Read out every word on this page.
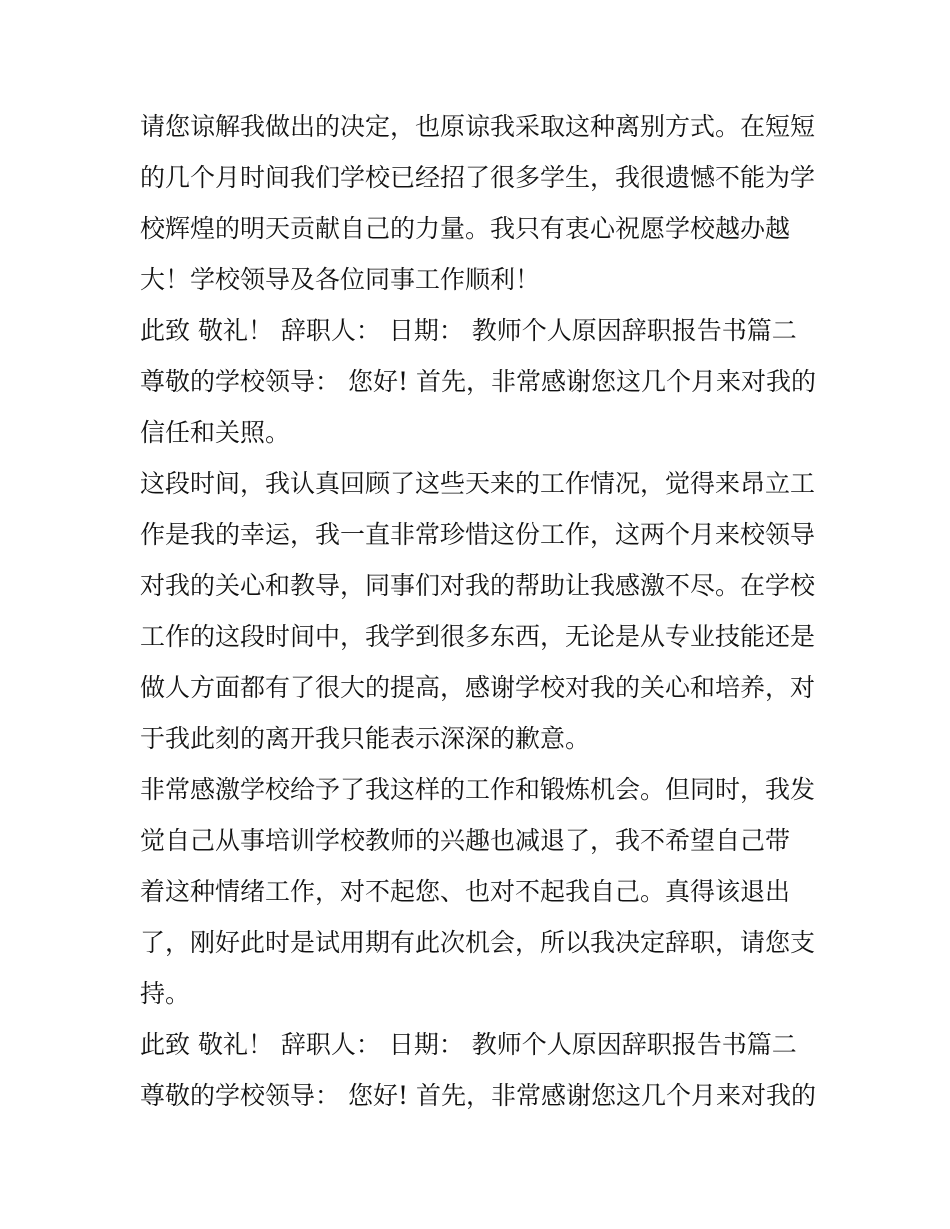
请您谅解我做出的决定，也原谅我采取这种离别方式。在短短
的几个月时间我们学校已经招了很多学生，我很遗憾不能为学
校辉煌的明天贡献自己的力量。我只有衷心祝愿学校越办越
大！学校领导及各位同事工作顺利！
此致 敬礼！ 辞职人： 日期： 教师个人原因辞职报告书篇二
尊敬的学校领导： 您好! 首先，非常感谢您这几个月来对我的
信任和关照。
这段时间，我认真回顾了这些天来的工作情况，觉得来昂立工
作是我的幸运，我一直非常珍惜这份工作，这两个月来校领导
对我的关心和教导，同事们对我的帮助让我感激不尽。在学校
工作的这段时间中，我学到很多东西，无论是从专业技能还是
做人方面都有了很大的提高，感谢学校对我的关心和培养，对
于我此刻的离开我只能表示深深的歉意。
非常感激学校给予了我这样的工作和锻炼机会。但同时，我发
觉自己从事培训学校教师的兴趣也减退了，我不希望自己带
着这种情绪工作，对不起您、也对不起我自己。真得该退出
了，刚好此时是试用期有此次机会，所以我决定辞职，请您支
持。
此致 敬礼！ 辞职人： 日期： 教师个人原因辞职报告书篇二
尊敬的学校领导： 您好! 首先，非常感谢您这几个月来对我的
